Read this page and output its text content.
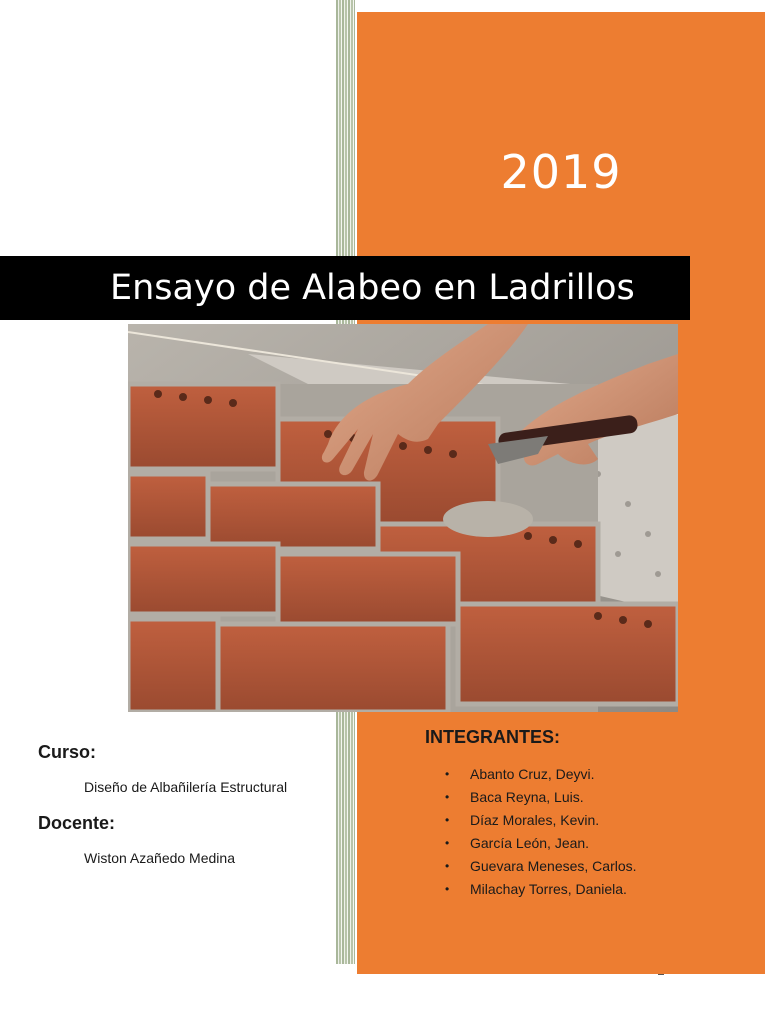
2019
Ensayo de Alabeo en Ladrillos
Curso:
Diseño de Albañilería Estructural
Docente:
Wiston Azañedo Medina
INTEGRANTES:
• Abanto Cruz, Deyvi.
• Baca Reyna, Luis.
• Díaz Morales, Kevin.
• García León, Jean.
• Guevara Meneses, Carlos.
• Milachay Torres, Daniela.
